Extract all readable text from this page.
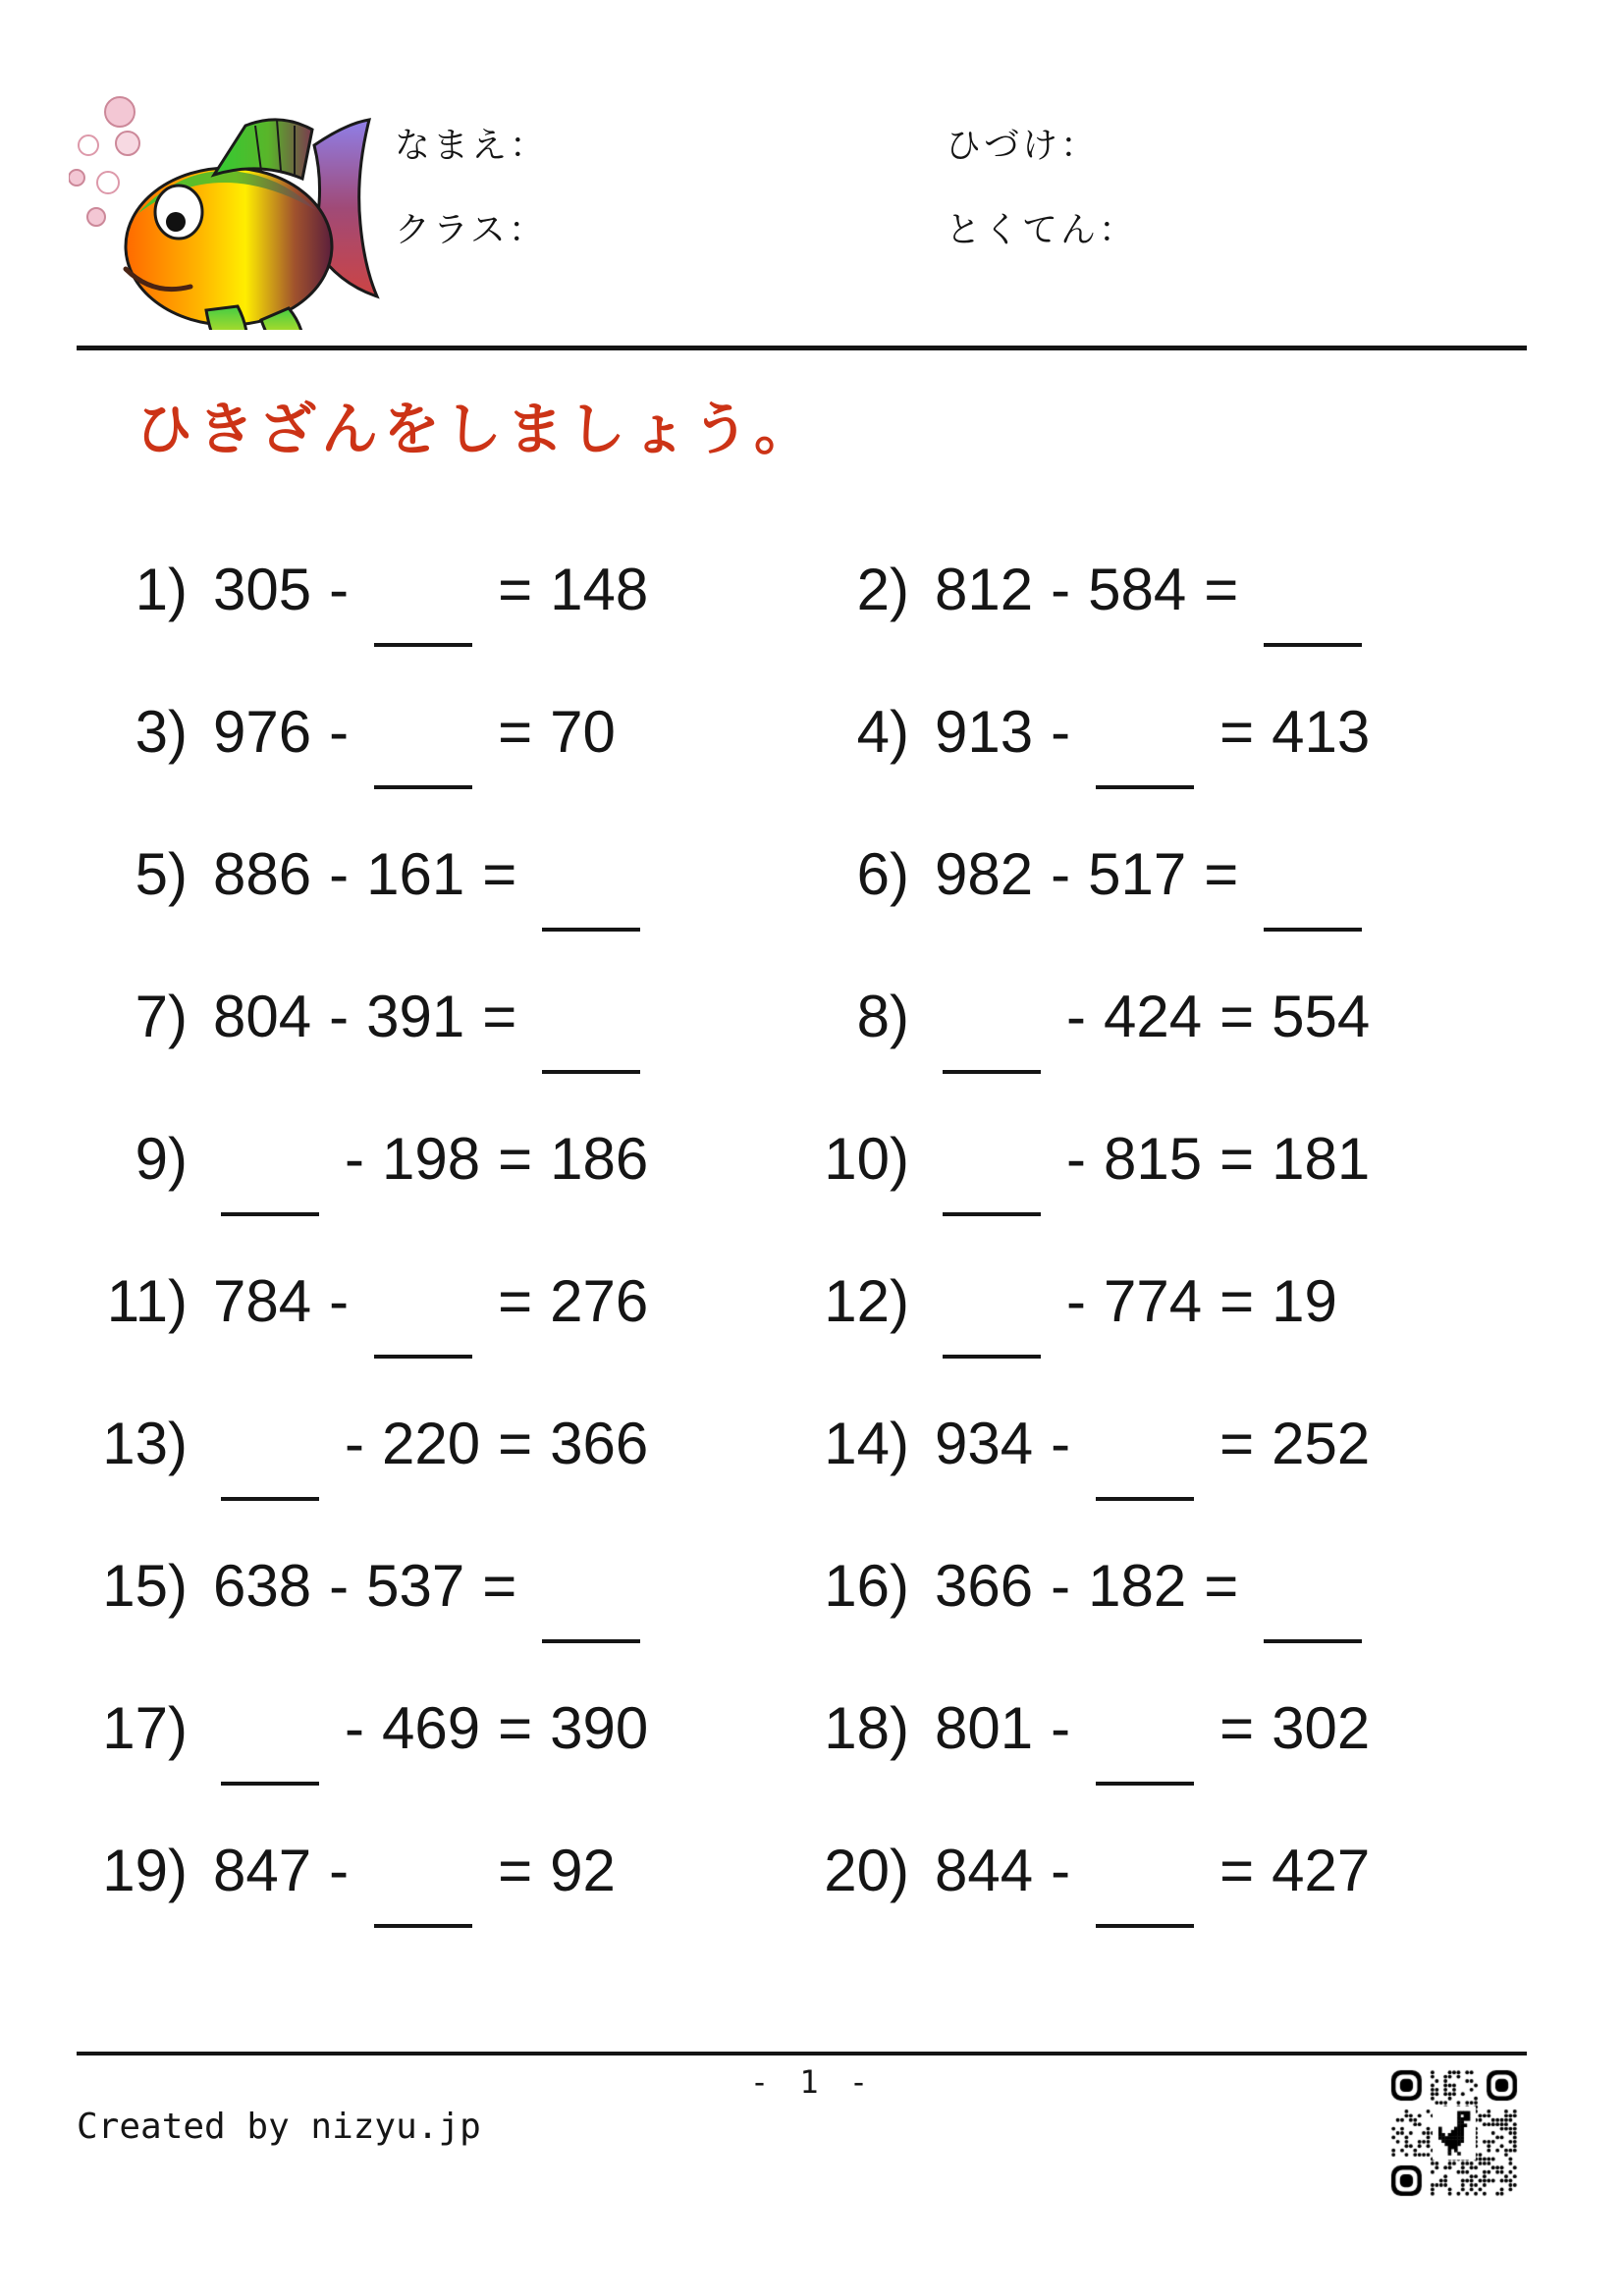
なまえ：
クラス：
ひづけ：
とくてん：
ひきざんをしましょう。
1) 305 -	= 148	2) 812 - 584 =
3) 976 -	= 70	4) 913 -	= 413
5) 886 - 161 =	6) 982 - 517 =
7) 804 - 391 =	8)	- 424 = 554
9)	- 198 = 186	10)	- 815 = 181
11) 784 -	= 276	12)	- 774 = 19
13)	- 220 = 366	14) 934 -	= 252
15) 638 - 537 =	16) 366 - 182 =
17)	- 469 = 390	18) 801 -	= 302
19) 847 -	= 92	20) 844 -	= 427
- 1 -
Created by nizyu.jp
